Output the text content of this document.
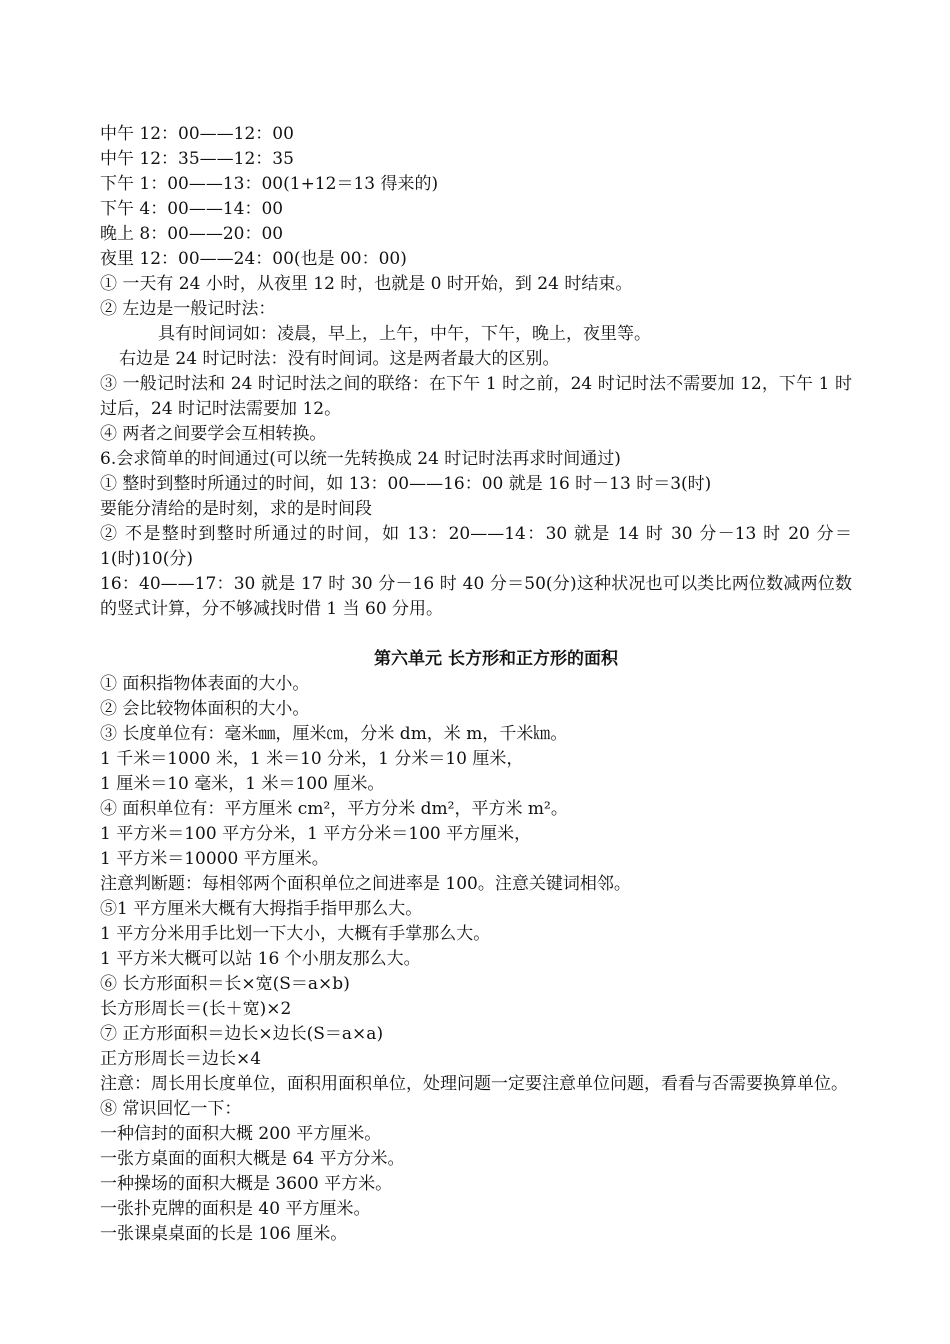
中午 12：00——12：00

中午 12：35——12：35

下午 1：00——13：00(1+12＝13 得来的)

下午 4：00——14：00

晚上 8：00——20：00

夜里 12：00——24：00(也是 00：00)

① 一天有 24 小时，从夜里 12 时，也就是 0 时开始，到 24 时结束。

② 左边是一般记时法：

具有时间词如：凌晨，早上，上午，中午，下午，晚上，夜里等。

右边是 24 时记时法：没有时间词。这是两者最大的区别。

③ 一般记时法和 24 时记时法之间的联络：在下午 1 时之前，24 时记时法不需要加 12，下午 1 时过后，24 时记时法需要加 12。

④ 两者之间要学会互相转换。

6.会求简单的时间通过(可以统一先转换成 24 时记时法再求时间通过)

① 整时到整时所通过的时间，如 13：00——16：00 就是 16 时－13 时＝3(时)

要能分清给的是时刻，求的是时间段

② 不是整时到整时所通过的时间，如 13：20——14：30 就是 14 时 30 分－13 时 20 分＝1(时)10(分)

16：40——17：30 就是 17 时 30 分－16 时 40 分＝50(分)这种状况也可以类比两位数减两位数的竖式计算，分不够减找时借 1 当 60 分用。

第六单元 长方形和正方形的面积

① 面积指物体表面的大小。

② 会比较物体面积的大小。

③ 长度单位有：毫米㎜，厘米㎝，分米 dm，米 m，千米㎞。

1 千米＝1000 米，1 米＝10 分米，1 分米＝10 厘米，

1 厘米＝10 毫米，1 米＝100 厘米。

④ 面积单位有：平方厘米 cm²，平方分米 dm²，平方米 m²。

1 平方米＝100 平方分米，1 平方分米＝100 平方厘米，

1 平方米＝10000 平方厘米。

注意判断题：每相邻两个面积单位之间进率是 100。注意关键词相邻。

⑤1 平方厘米大概有大拇指手指甲那么大。

1 平方分米用手比划一下大小，大概有手掌那么大。

1 平方米大概可以站 16 个小朋友那么大。

⑥ 长方形面积＝长×宽(S＝a×b)

长方形周长＝(长＋宽)×2

⑦ 正方形面积＝边长×边长(S＝a×a)

正方形周长＝边长×4

注意：周长用长度单位，面积用面积单位，处理问题一定要注意单位问题，看看与否需要换算单位。

⑧ 常识回忆一下：

一种信封的面积大概 200 平方厘米。

一张方桌面的面积大概是 64 平方分米。

一种操场的面积大概是 3600 平方米。

一张扑克牌的面积是 40 平方厘米。

一张课桌桌面的长是 106 厘米。
